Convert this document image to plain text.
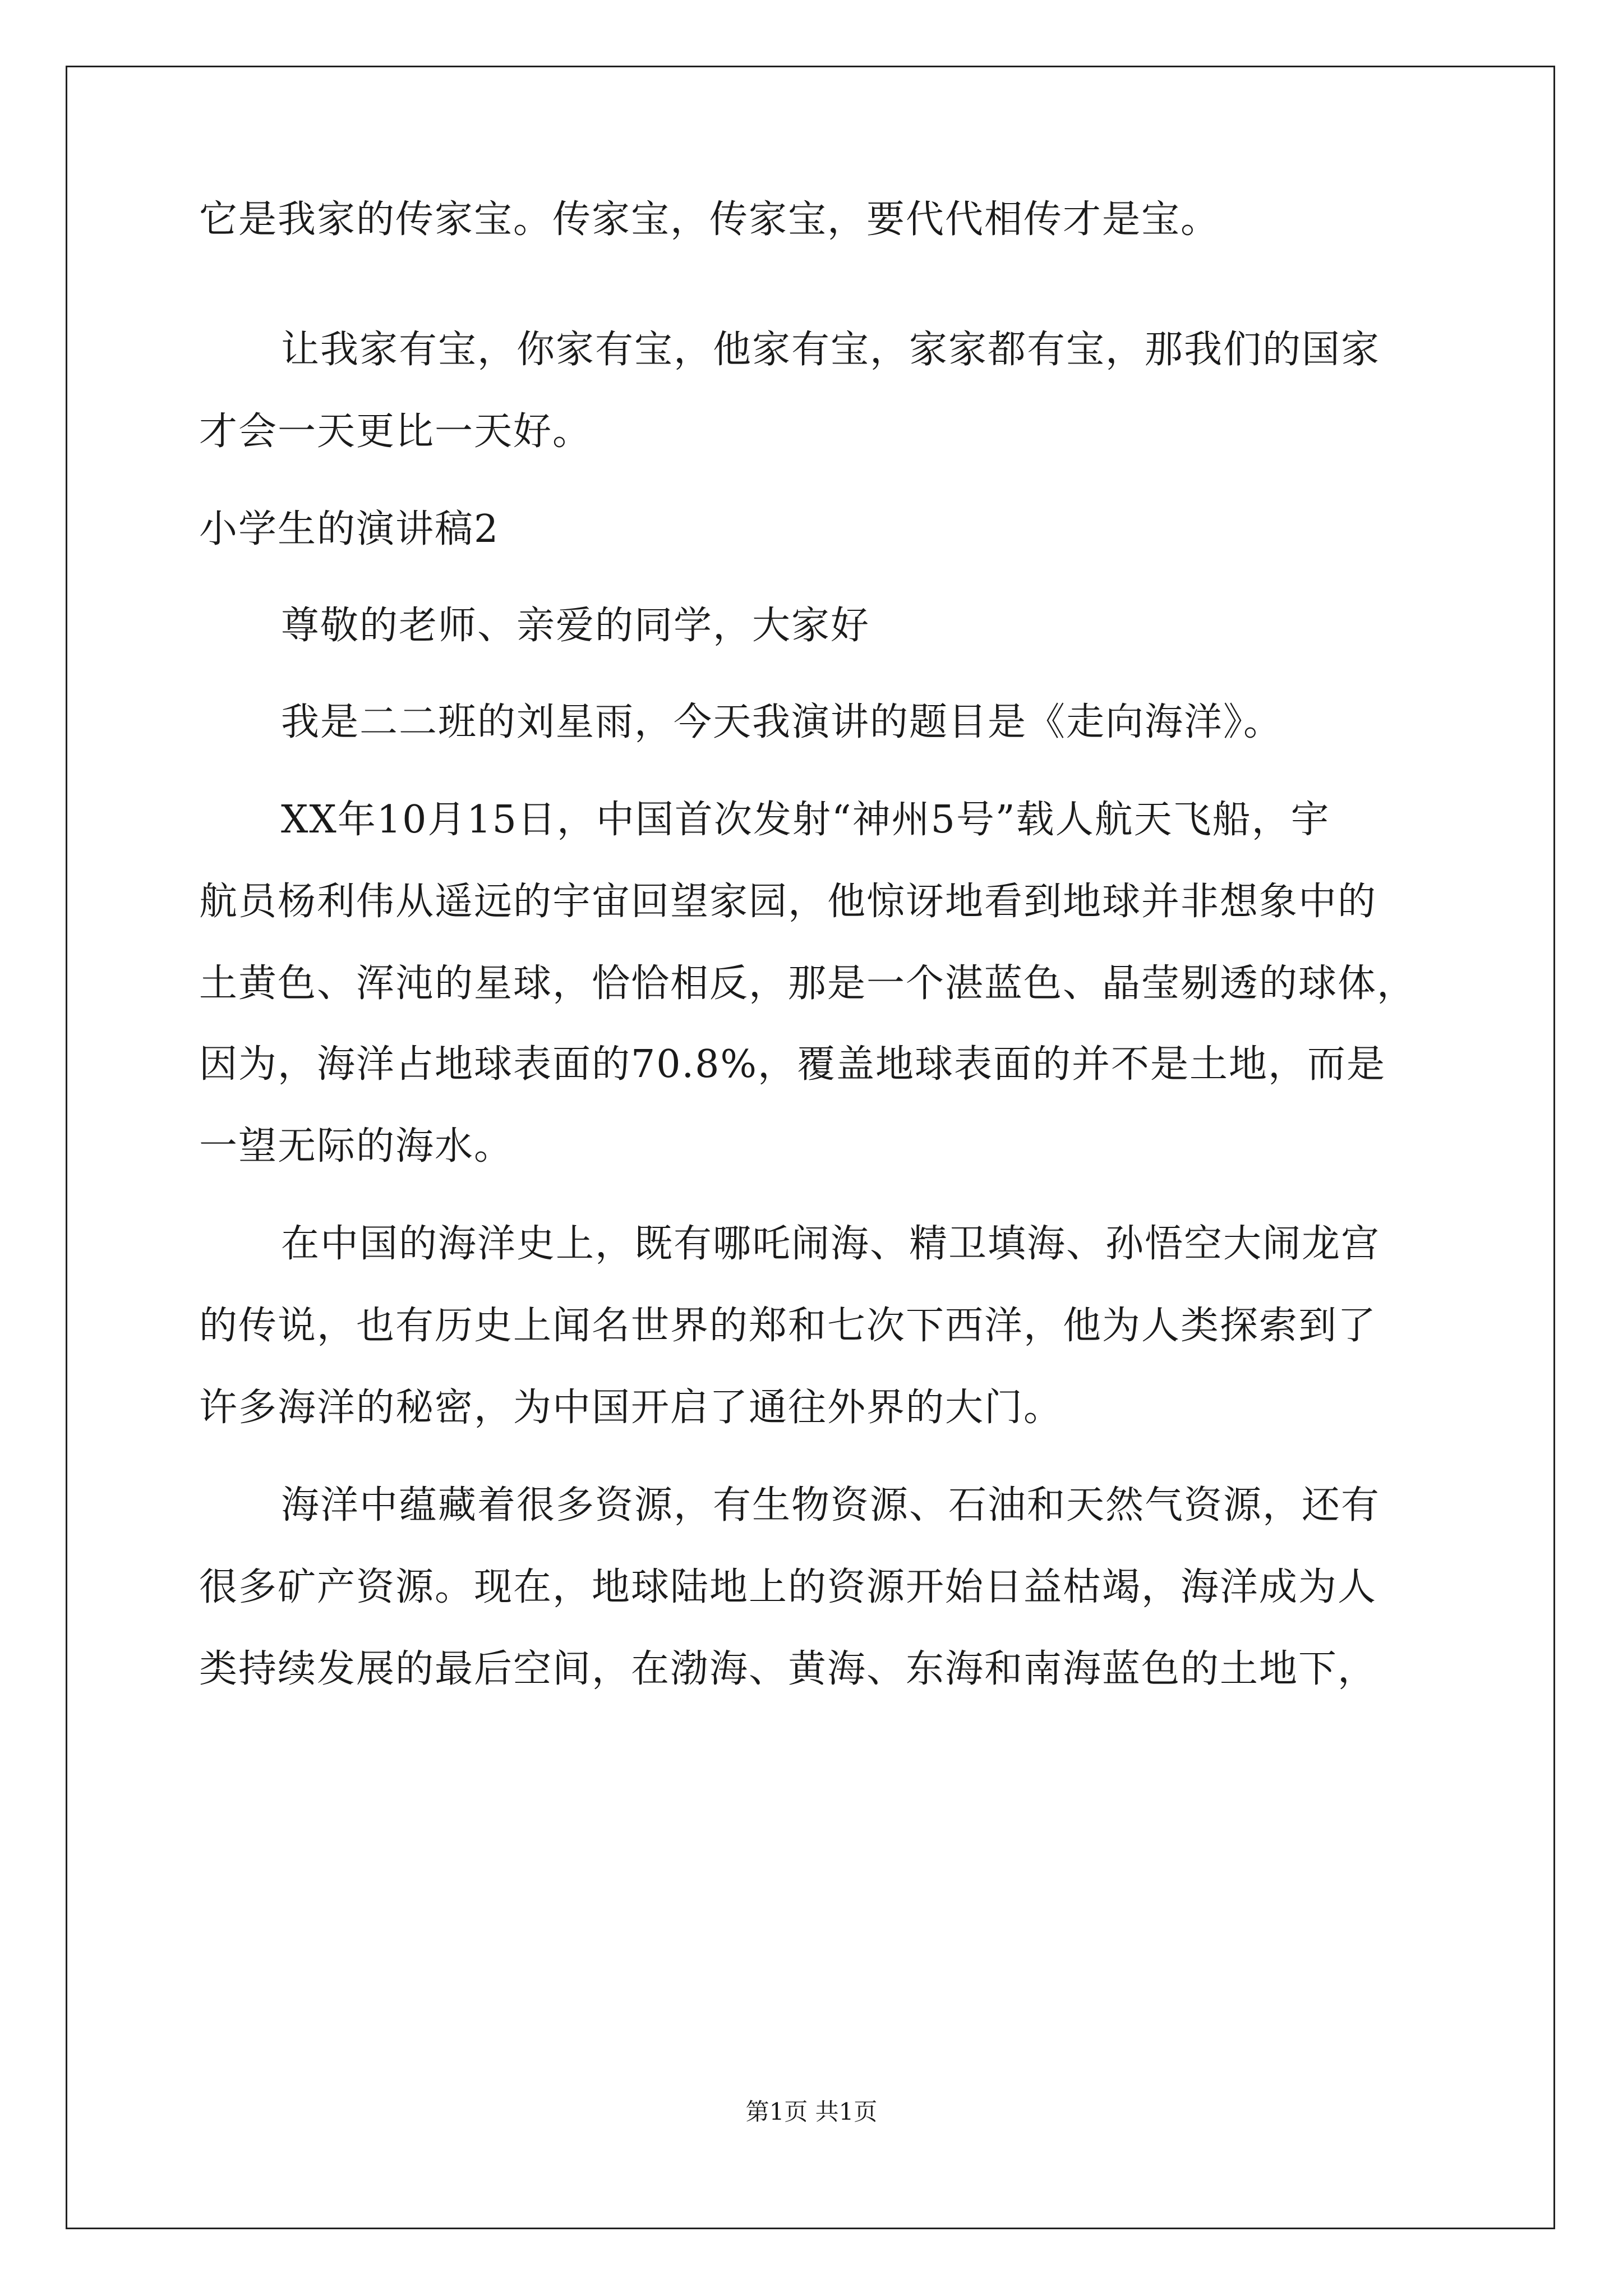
它是我家的传家宝。传家宝，传家宝，要代代相传才是宝。
让我家有宝，你家有宝，他家有宝，家家都有宝，那我们的国家
才会一天更比一天好。
小学生的演讲稿2
尊敬的老师、亲爱的同学，大家好
我是二二班的刘星雨，今天我演讲的题目是《走向海洋》。
XX年10月15日，中国首次发射“神州5号”载人航天飞船，宇
航员杨利伟从遥远的宇宙回望家园，他惊讶地看到地球并非想象中的
土黄色、浑沌的星球，恰恰相反，那是一个湛蓝色、晶莹剔透的球体，
因为，海洋占地球表面的70.8%，覆盖地球表面的并不是土地，而是
一望无际的海水。
在中国的海洋史上，既有哪吒闹海、精卫填海、孙悟空大闹龙宫
的传说，也有历史上闻名世界的郑和七次下西洋，他为人类探索到了
许多海洋的秘密，为中国开启了通往外界的大门。
海洋中蕴藏着很多资源，有生物资源、石油和天然气资源，还有
很多矿产资源。现在，地球陆地上的资源开始日益枯竭，海洋成为人
类持续发展的最后空间，在渤海、黄海、东海和南海蓝色的土地下，
第1页 共1页
